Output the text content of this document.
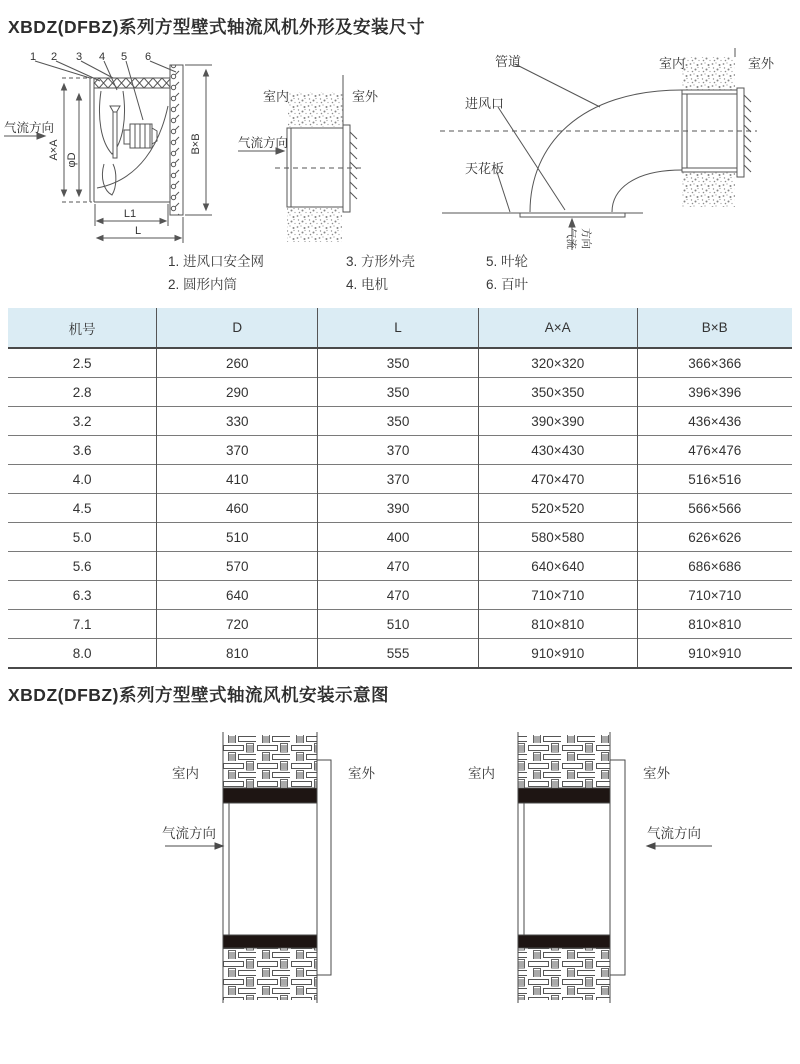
XBDZ(DFBZ)系列方型壁式轴流风机外形及安装尺寸
1 2 3 4 5 6
气流方向
A×A φD
B×B
L1
L
室内	室外
气流方向
管道
进风口
天花板
室内	室外
气流 方向
1. 进风口安全网
2. 圆形内筒
3. 方形外壳
4. 电机
5. 叶轮
6. 百叶
机号	D	L	A×A	B×B
2.5	260	350	320×320	366×366
2.8	290	350	350×350	396×396
3.2	330	350	390×390	436×436
3.6	370	370	430×430	476×476
4.0	410	370	470×470	516×516
4.5	460	390	520×520	566×566
5.0	510	400	580×580	626×626
5.6	570	470	640×640	686×686
6.3	640	470	710×710	710×710
7.1	720	510	810×810	810×810
8.0	810	555	910×910	910×910
XBDZ(DFBZ)系列方型壁式轴流风机安装示意图
室内	室外
气流方向
室内	室外
气流方向
